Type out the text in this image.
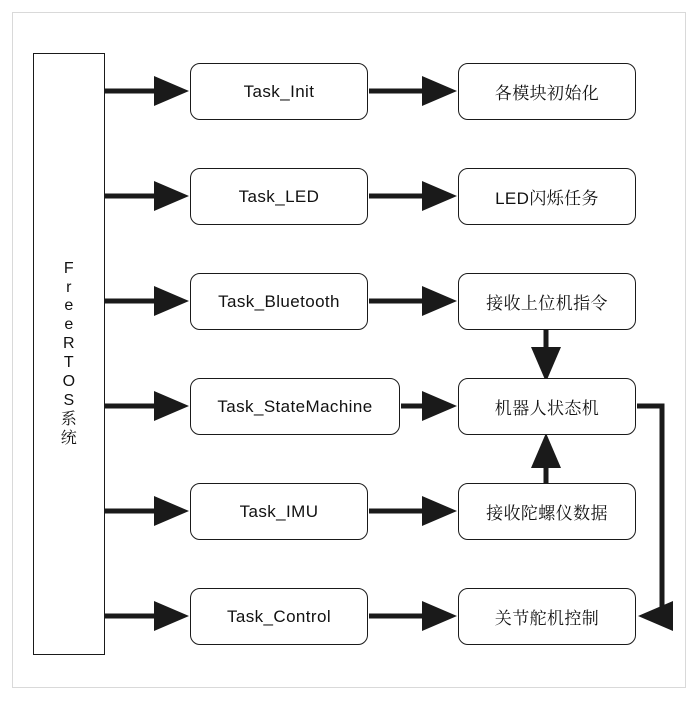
F
r
e
e
R
T
O
S
系
统
Task_Init
Task_LED
Task_Bluetooth
Task_StateMachine
Task_IMU
Task_Control
各模块初始化
LED闪烁任务
接收上位机指令
机器人状态机
接收陀螺仪数据
关节舵机控制
